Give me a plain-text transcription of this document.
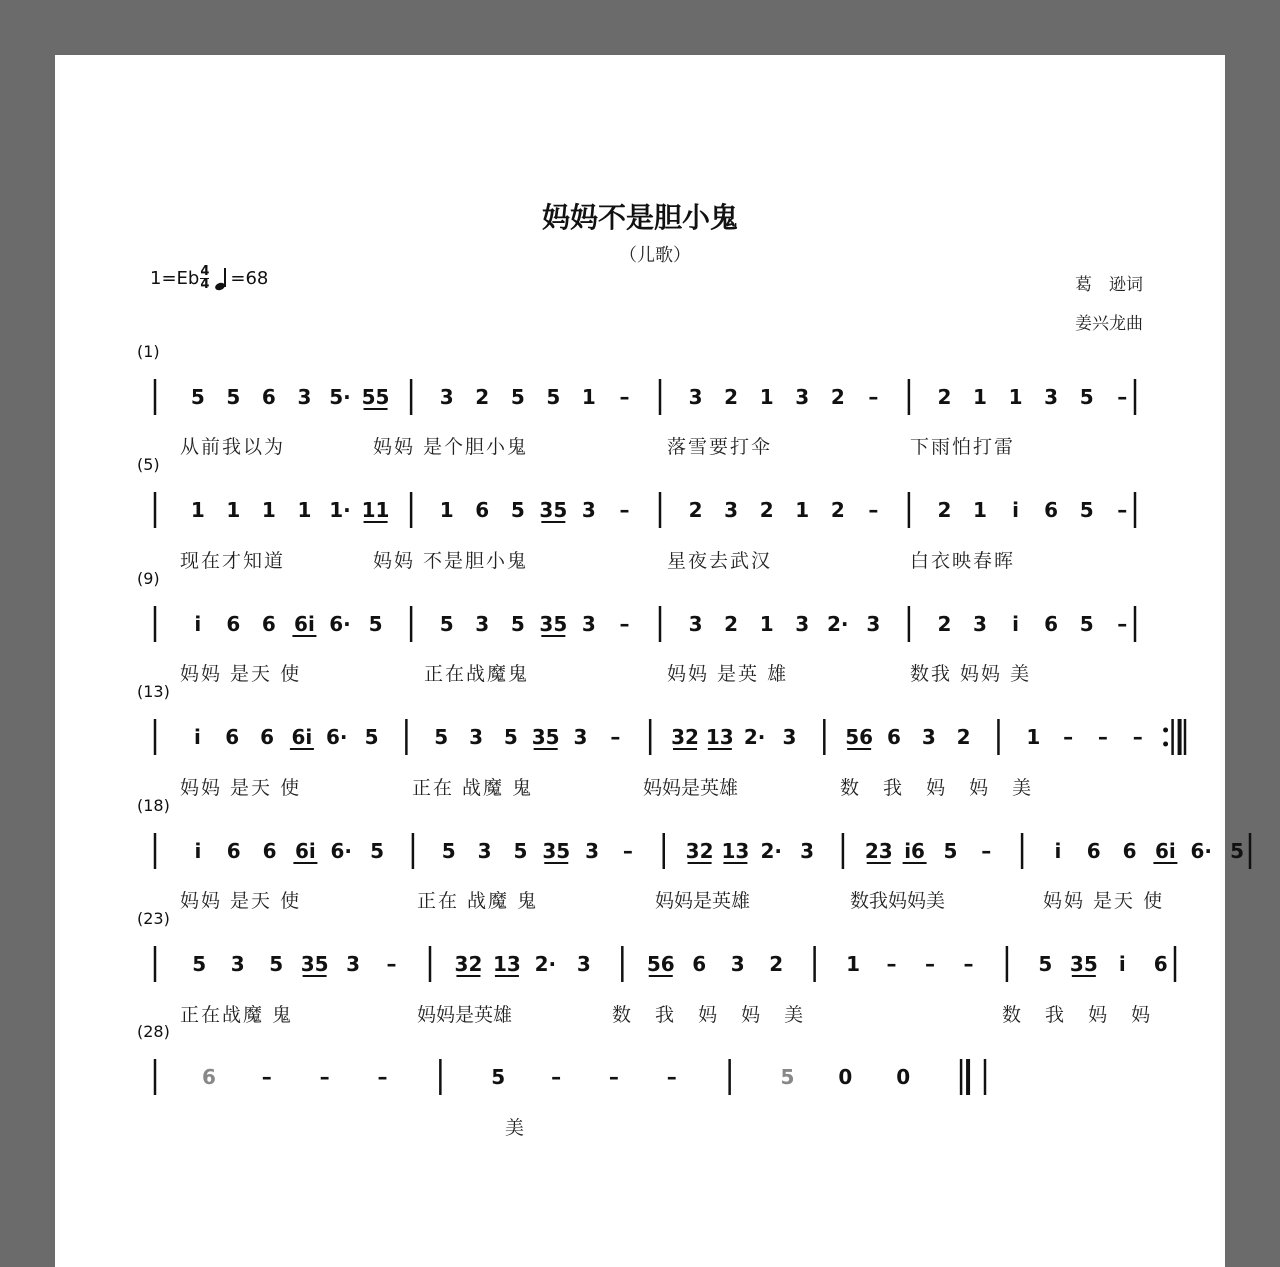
妈妈不是胆小鬼
（儿歌）
$1=Eb \frac{4}{4} =68$	葛　逊词
姜兴龙曲
(1)
(5)
(9)
(13)
(18)
(23)
(28)
5 5 6 3 5· 55	3 2 5 5 1 –	3 2 1 3 2 –	2 1 1 3 5 –
1 1 1 1 1· 11	1 6 5 35 3 –	2 3 2 1 2 –	2 1 i 6 5 –
i 6 6 6i 6· 5	5 3 5 35 3 –	3 2 1 3 2· 3	2 3 i 6 5 –
i 6 6 6i 6· 5	5 3 5 35 3 –	32 13 2· 3 56 6 3 2	1 – – –
i 6 6 6i 6· 5	5 3 5 35 3 –	32 13 2· 3	23 i6 5 –	i 6 6 6i 6· 5
5 3 5 35 3 –	32 13 2· 3	56 6 3 2	1 – – –	5 35 i 6
6 – – –	5 – – –	5 0 0
从前我以为	妈妈 是个胆小鬼	落雪要打伞	下雨怕打雷
现在才知道	妈妈 不是胆小鬼	星夜去武汉	白衣映春晖
妈妈 是天 使	正在战魔鬼	妈妈 是英 雄	数我 妈妈 美
妈妈 是天 使	正在 战魔 鬼	妈妈是英雄	数 我 妈 妈 美
妈妈 是天 使	正在 战魔 鬼	妈妈是英雄	数我妈妈美	妈妈 是天 使
正在战魔 鬼	妈妈是英雄	数 我 妈 妈 美	数 我 妈 妈
美
